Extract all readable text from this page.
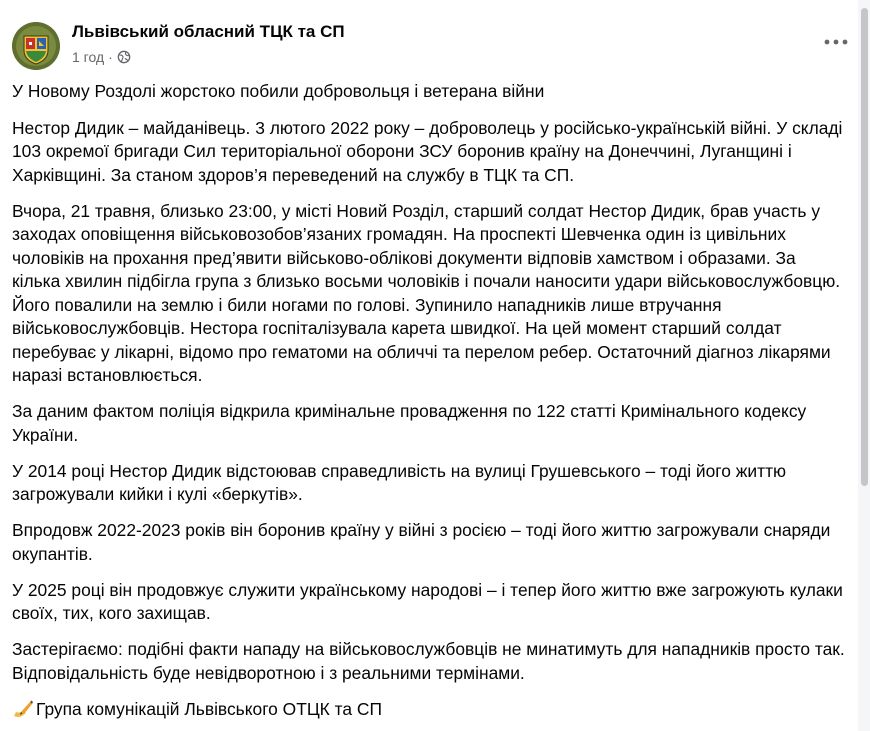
Львівський обласний ТЦК та СП
1 год ·

У Новому Роздолі жорстоко побили добровольця і ветерана війни

Нестор Дидик – майданівець. 3 лютого 2022 року – доброволець у російсько-українській війні. У складі 103 окремої бригади Сил територіальної оборони ЗСУ боронив країну на Донеччині, Луганщині і Харківщині. За станом здоров’я переведений на службу в ТЦК та СП.

Вчора, 21 травня, близько 23:00, у місті Новий Розділ, старший солдат Нестор Дидик, брав участь у заходах оповіщення військовозобов’язаних громадян. На проспекті Шевченка один із цивільних чоловіків на прохання пред’явити військово-облікові документи відповів хамством і образами. За кілька хвилин підбігла група з близько восьми чоловіків і почали наносити удари військовослужбовцю. Його повалили на землю і били ногами по голові. Зупинило нападників лише втручання військовослужбовців. Нестора госпіталізувала карета швидкої. На цей момент старший солдат перебуває у лікарні, відомо про гематоми на обличчі та перелом ребер. Остаточний діагноз лікарями наразі встановлюється.

За даним фактом поліція відкрила кримінальне провадження по 122 статті Кримінального кодексу України.

У 2014 році Нестор Дидик відстоював справедливість на вулиці Грушевського – тоді його життю загрожували кийки і кулі «беркутів».

Впродовж 2022-2023 років він боронив країну у війні з росією – тоді його життю загрожували снаряди окупантів.

У 2025 році він продовжує служити українському народові – і тепер його життю вже загрожують кулаки своїх, тих, кого захищав.

Застерігаємо: подібні факти нападу на військовослужбовців не минатимуть для нападників просто так. Відповідальність буде невідворотною і з реальними термінами.

Група комунікацій Львівського ОТЦК та СП
